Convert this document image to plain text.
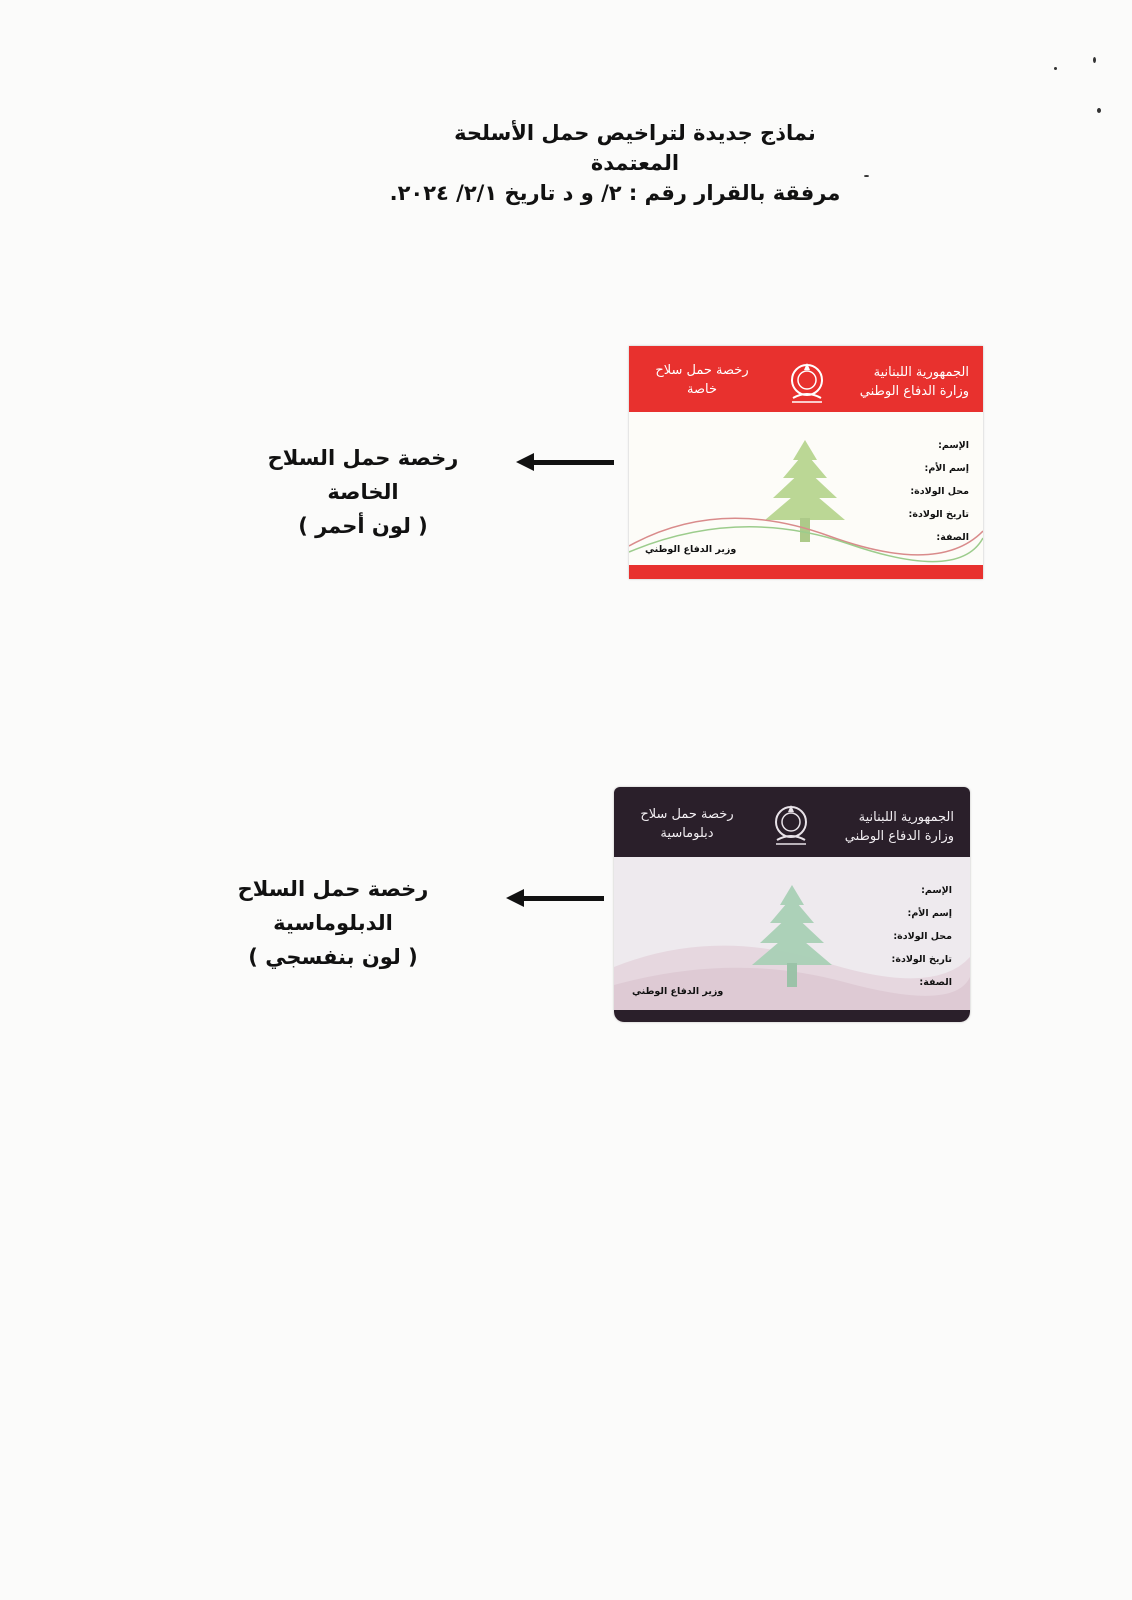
نماذج جديدة لتراخيص حمل الأسلحة المعتمدة
مرفقة بالقرار رقم : ٢/ و د تاريخ ٢/١/ ٢٠٢٤.
رخصة حمل السلاح الخاصة
( لون أحمر )
الجمهورية اللبنانية
وزارة الدفاع الوطني
رخصة حمل سلاح
خاصة
الإسم:
إسم الأم:
محل الولادة:
تاريخ الولادة:
الصفة:
وزير الدفاع الوطني
رخصة حمل السلاح الدبلوماسية
( لون بنفسجي )
الجمهورية اللبنانية
وزارة الدفاع الوطني
رخصة حمل سلاح
دبلوماسية
الإسم:
إسم الأم:
محل الولادة:
تاريخ الولادة:
الصفة:
وزير الدفاع الوطني
